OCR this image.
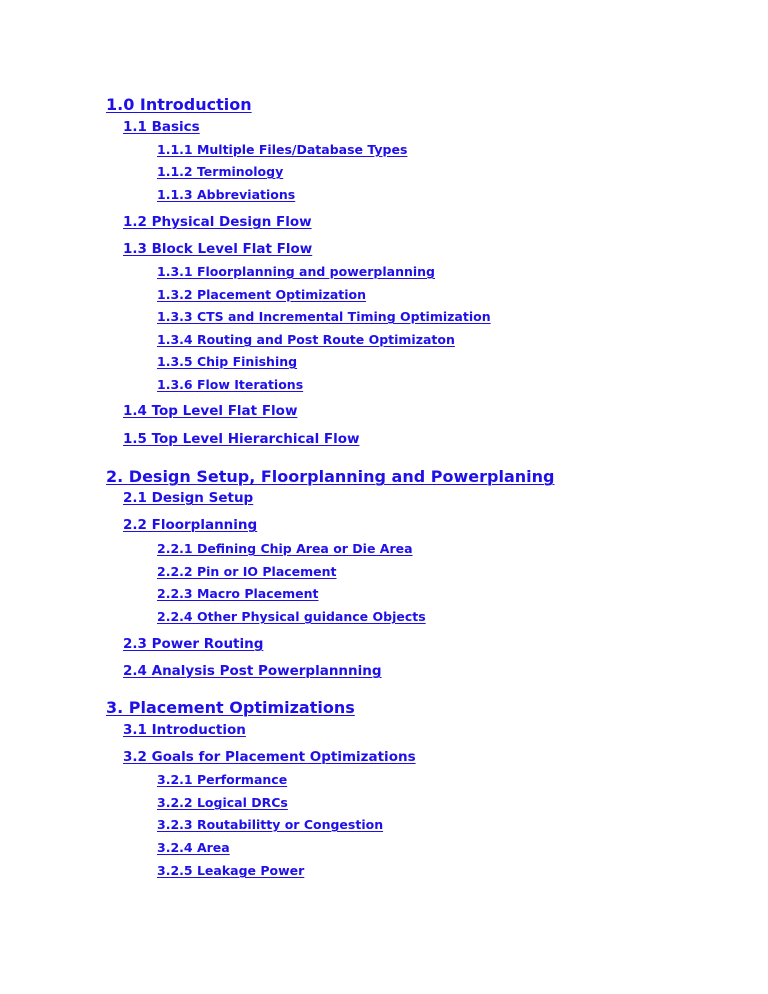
1.0 Introduction
1.1 Basics
1.1.1 Multiple Files/Database Types
1.1.2 Terminology
1.1.3 Abbreviations
1.2 Physical Design Flow
1.3 Block Level Flat Flow
1.3.1 Floorplanning and powerplanning
1.3.2 Placement Optimization
1.3.3 CTS and Incremental Timing Optimization
1.3.4 Routing and Post Route Optimizaton
1.3.5 Chip Finishing
1.3.6 Flow Iterations
1.4 Top Level Flat Flow
1.5 Top Level Hierarchical Flow
2. Design Setup, Floorplanning and Powerplaning
2.1 Design Setup
2.2 Floorplanning
2.2.1 Defining Chip Area or Die Area
2.2.2 Pin or IO Placement
2.2.3 Macro Placement
2.2.4 Other Physical guidance Objects
2.3 Power Routing
2.4 Analysis Post Powerplannning
3. Placement Optimizations
3.1 Introduction
3.2 Goals for Placement Optimizations
3.2.1 Performance
3.2.2 Logical DRCs
3.2.3 Routabilitty or Congestion
3.2.4 Area
3.2.5 Leakage Power
